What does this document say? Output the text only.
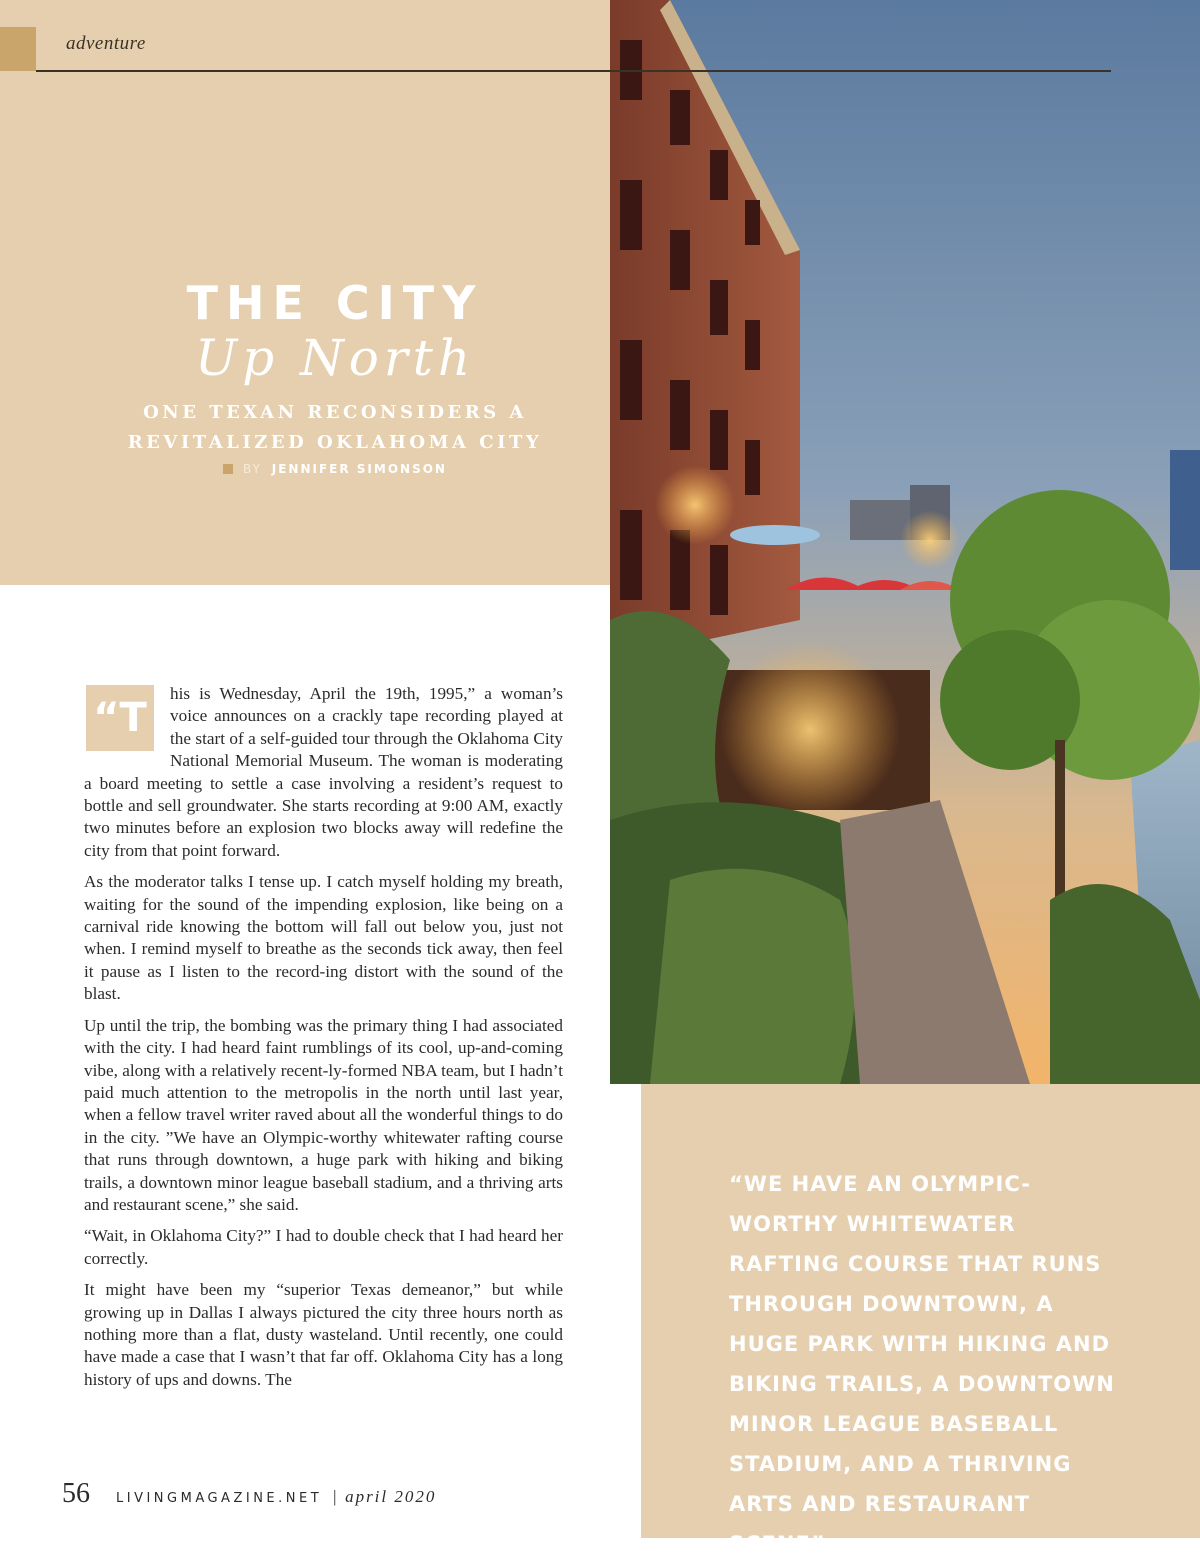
adventure
THE CITY
Up North
ONE TEXAN RECONSIDERS A
REVITALIZED OKLAHOMA CITY
BY JENNIFER SIMONSON

“T
his is Wednesday, April the 19th, 1995,” a woman’s voice announces on a crackly tape recording played at the start of a self-guided tour through the Oklahoma City National Memorial Museum. The woman is moderating a board meeting to settle a case involving a resident’s request to bottle and sell groundwater. She starts recording at 9:00 AM, exactly two minutes before an explosion two blocks away will redefine the city from that point forward.

As the moderator talks I tense up. I catch myself holding my breath, waiting for the sound of the impending explosion, like being on a carnival ride knowing the bottom will fall out below you, just not when. I remind myself to breathe as the seconds tick away, then feel it pause as I listen to the record-ing distort with the sound of the blast.

Up until the trip, the bombing was the primary thing I had associated with the city. I had heard faint rumblings of its cool, up-and-coming vibe, along with a relatively recent-ly-formed NBA team, but I hadn’t paid much attention to the metropolis in the north until last year, when a fellow travel writer raved about all the wonderful things to do in the city. ”We have an Olympic-worthy whitewater rafting course that runs through downtown, a huge park with hiking and biking trails, a downtown minor league baseball stadium, and a thriving arts and restaurant scene,” she said.

“Wait, in Oklahoma City?” I had to double check that I had heard her correctly.

It might have been my “superior Texas demeanor,” but while growing up in Dallas I always pictured the city three hours north as nothing more than a flat, dusty wasteland. Until recently, one could have made a case that I wasn’t that far off. Oklahoma City has a long history of ups and downs. The

“WE HAVE AN OLYMPIC-WORTHY WHITEWATER RAFTING COURSE THAT RUNS THROUGH DOWNTOWN, A HUGE PARK WITH HIKING AND BIKING TRAILS, A DOWNTOWN MINOR LEAGUE BASEBALL STADIUM, AND A THRIVING ARTS AND RESTAURANT SCENE”
56 LIVINGMAGAZINE.NET | april 2020
